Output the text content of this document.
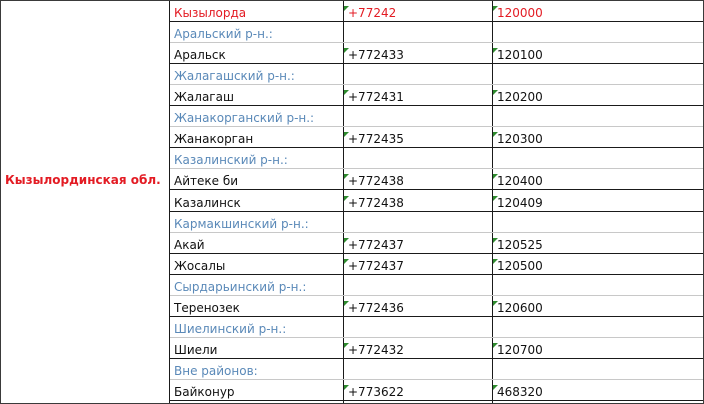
Кызылординская обл.
Кызылорда	+77242	120000
Аральский р-н.:
Аральск	+772433	120100
Жалагашский р-н.:
Жалагаш	+772431	120200
Жанакорганский р-н.:
Жанакорган	+772435	120300
Казалинский р-н.:
Айтеке би	+772438	120400
Казалинск	+772438	120409
Кармакшинский р-н.:
Акай	+772437	120525
Жосалы	+772437	120500
Сырдарьинский р-н.:
Теренозек	+772436	120600
Шиелинский р-н.:
Шиели	+772432	120700
Вне районов:
Байконур	+773622	468320
